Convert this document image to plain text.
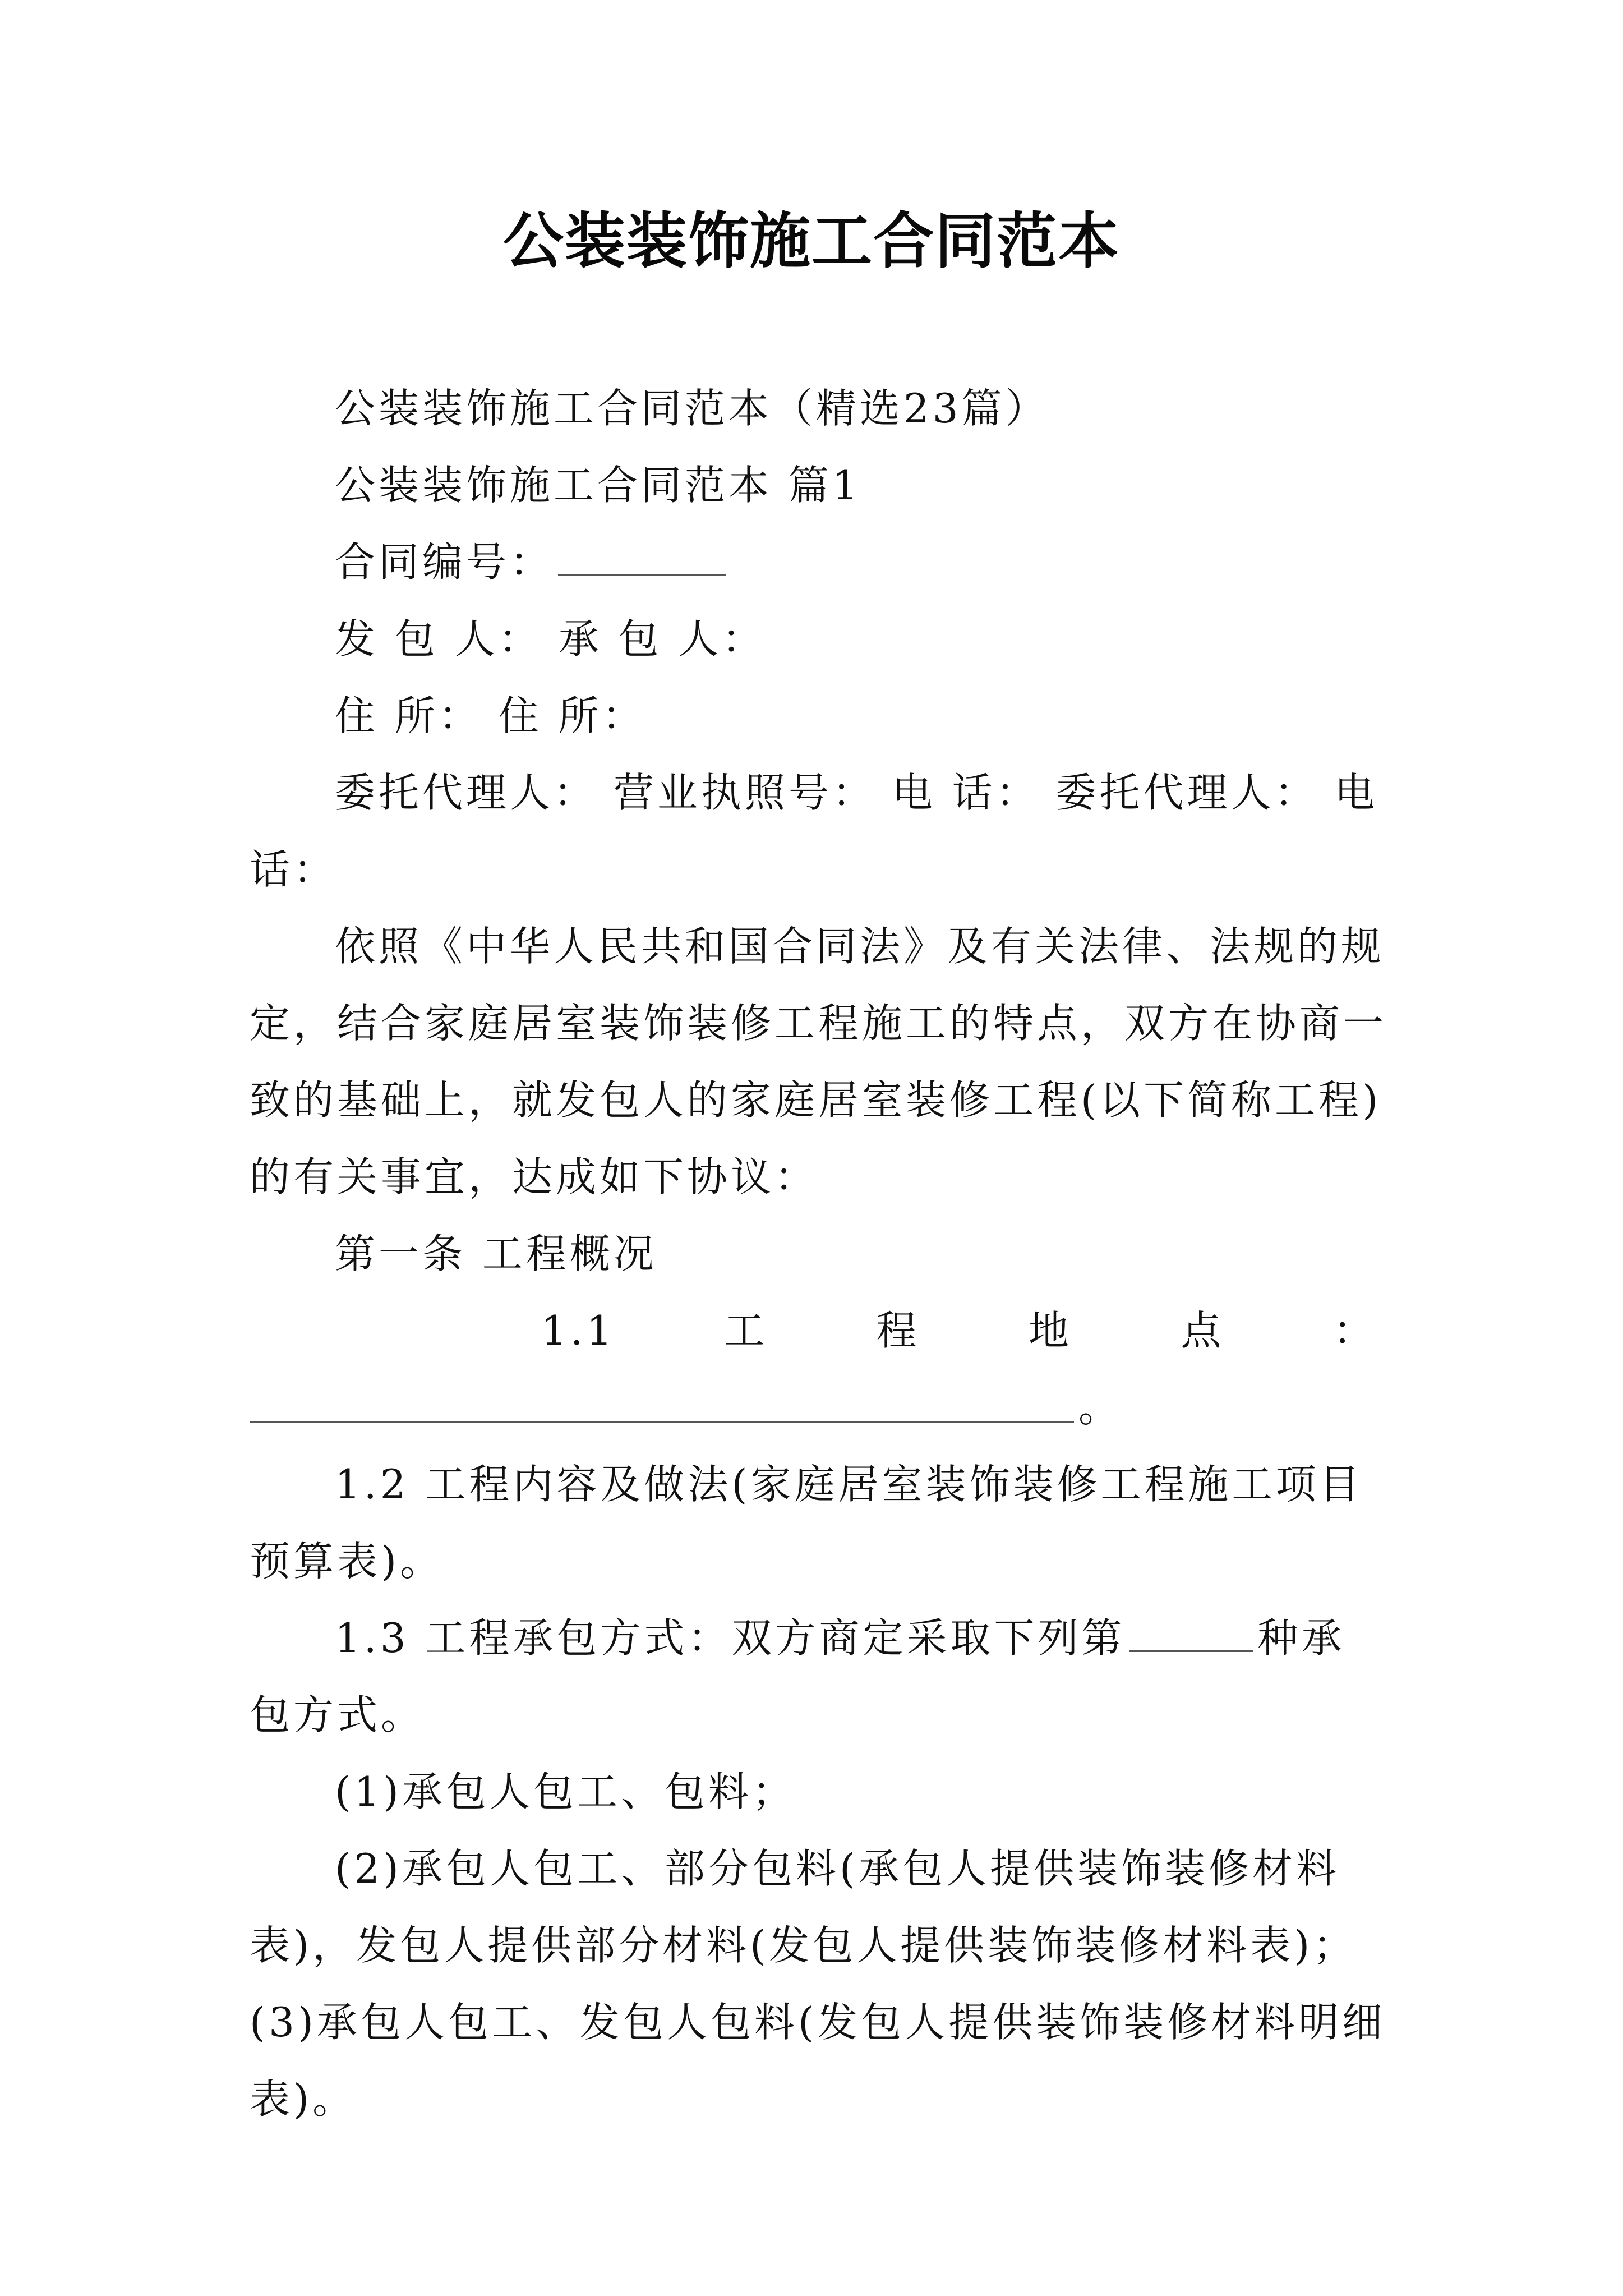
公装装饰施工合同范本

公装装饰施工合同范本（精选23篇）

公装装饰施工合同范本 篇1

合同编号：

发 包 人： 承 包 人：

住 所： 住 所：

委托代理人： 营业执照号： 电 话： 委托代理人： 电话：

依照《中华人民共和国合同法》及有关法律、法规的规定，结合家庭居室装饰装修工程施工的特点，双方在协商一致的基础上，就发包人的家庭居室装修工程(以下简称工程)的有关事宜，达成如下协议：

第一条 工程概况

1.1	工	程	地	点	：

。

1.2 工程内容及做法(家庭居室装饰装修工程施工项目预算表)。

1.3 工程承包方式：双方商定采取下列第	种承包方式。

(1)承包人包工、包料；

(2)承包人包工、部分包料(承包人提供装饰装修材料表)，发包人提供部分材料(发包人提供装饰装修材料表)；(3)承包人包工、发包人包料(发包人提供装饰装修材料明细表)。
